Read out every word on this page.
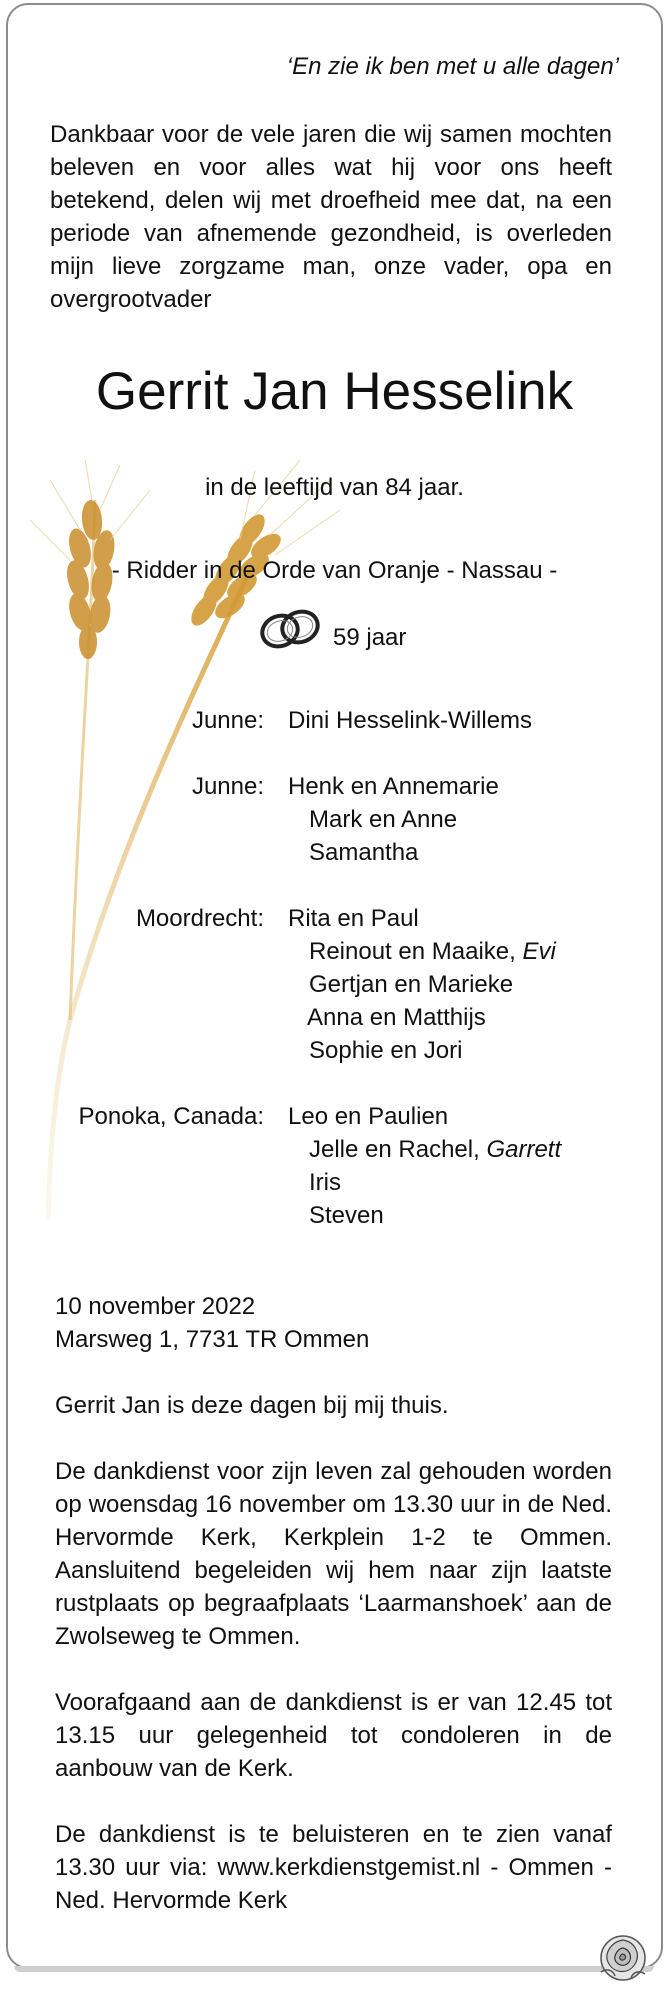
‘En zie ik ben met u alle dagen’

Dankbaar voor de vele jaren die wij samen mochten beleven en voor alles wat hij voor ons heeft betekend, delen wij met droefheid mee dat, na een periode van afnemende gezondheid, is overleden mijn lieve zorgzame man, onze vader, opa en overgrootvader

Gerrit Jan Hesselink
in de leeftijd van 84 jaar.
- Ridder in de Orde van Oranje - Nassau -
59 jaar
Junne: Dini Hesselink-Willems
Junne: Henk en Annemarie
Mark en Anne
Samantha
Moordrecht: Rita en Paul
Reinout en Maaike, Evi
Gertjan en Marieke
Anna en Matthijs
Sophie en Jori
Ponoka, Canada: Leo en Paulien
Jelle en Rachel, Garrett
Iris
Steven
10 november 2022
Marsweg 1, 7731 TR Ommen
Gerrit Jan is deze dagen bij mij thuis.

De dankdienst voor zijn leven zal gehouden worden op woensdag 16 november om 13.30 uur in de Ned. Hervormde Kerk, Kerkplein 1-2 te Ommen. Aansluitend begeleiden wij hem naar zijn laatste rustplaats op begraafplaats ‘Laarmanshoek’ aan de Zwolseweg te Ommen.

Voorafgaand aan de dankdienst is er van 12.45 tot 13.15 uur gelegenheid tot condoleren in de aanbouw van de Kerk.

De dankdienst is te beluisteren en te zien vanaf 13.30 uur via: www.kerkdienstgemist.nl - Ommen - Ned. Hervormde Kerk
